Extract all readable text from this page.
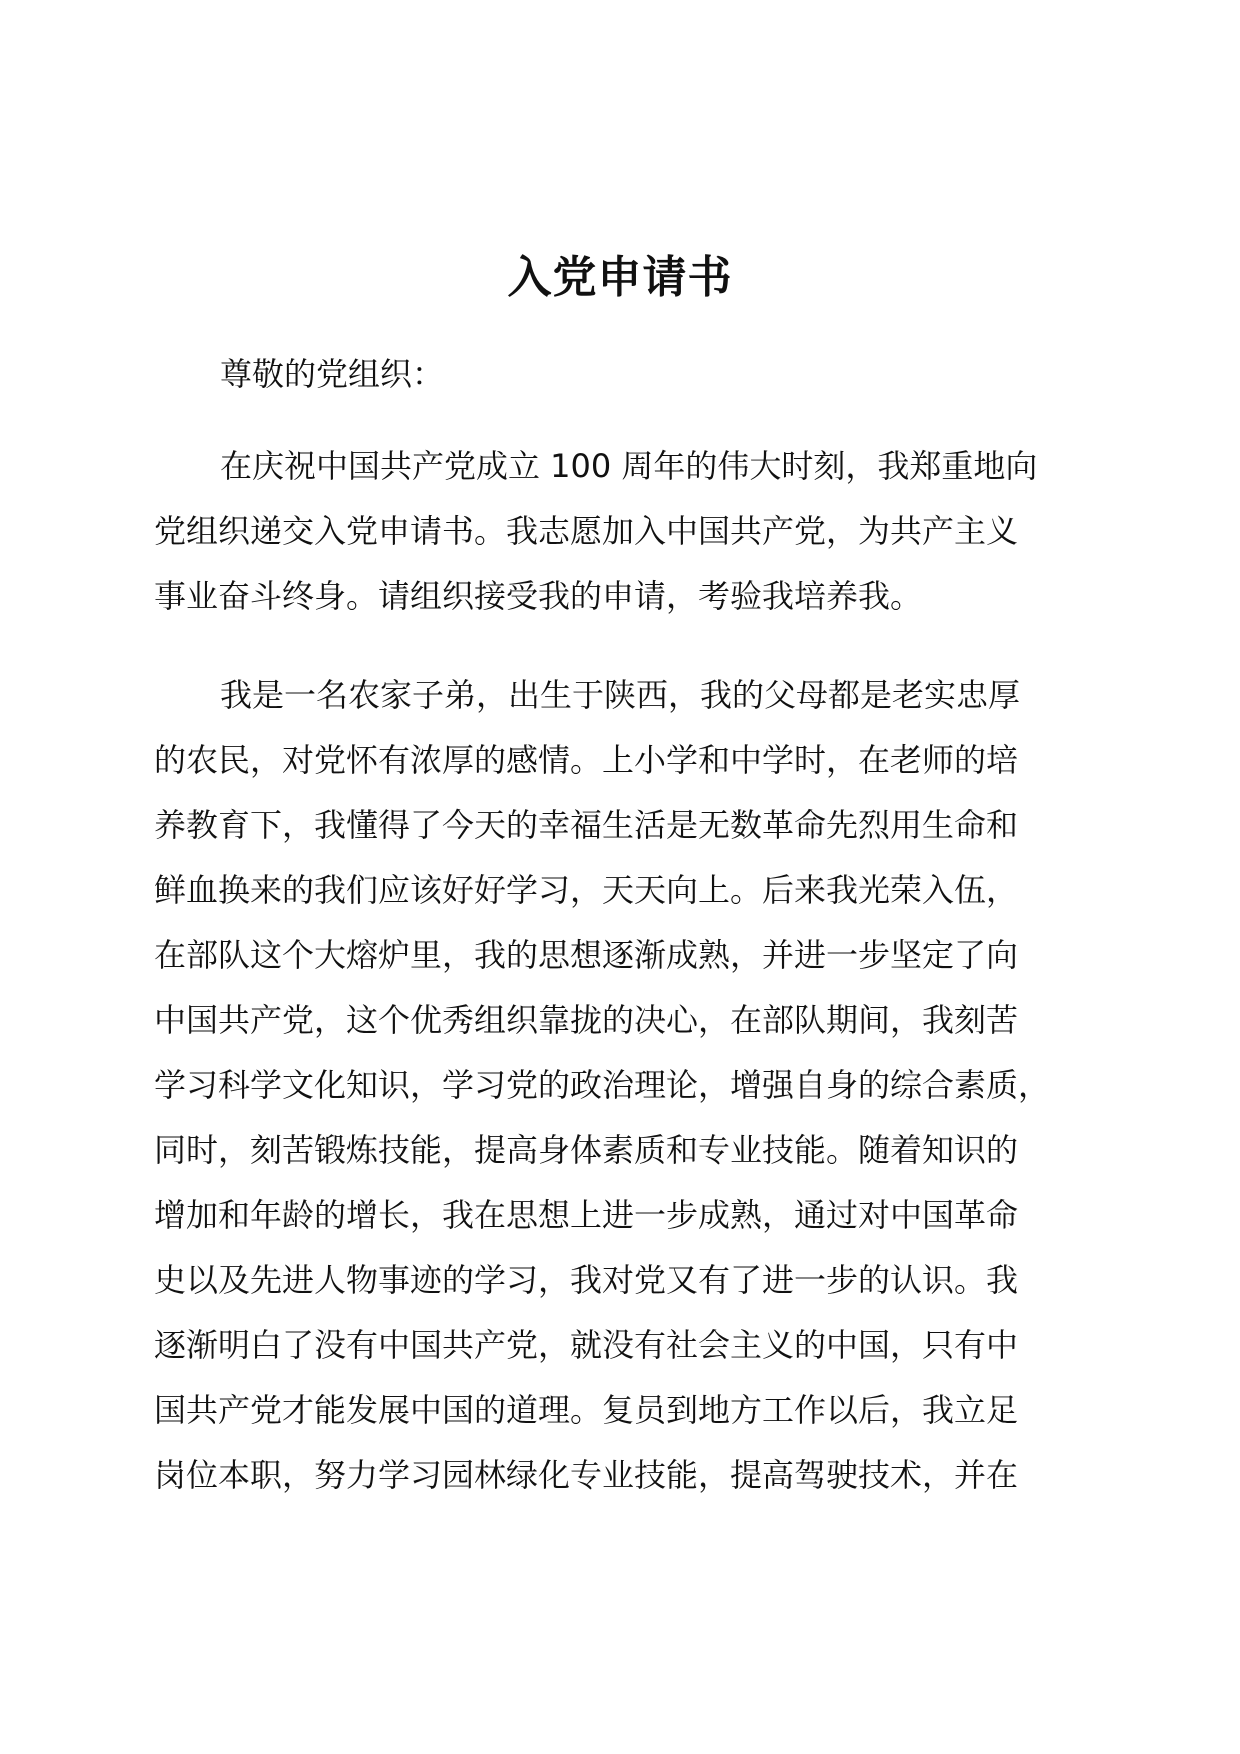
入党申请书
尊敬的党组织：
在庆祝中国共产党成立 100 周年的伟大时刻，我郑重地向
党组织递交入党申请书。我志愿加入中国共产党，为共产主义
事业奋斗终身。请组织接受我的申请，考验我培养我。
我是一名农家子弟，出生于陕西，我的父母都是老实忠厚
的农民，对党怀有浓厚的感情。上小学和中学时，在老师的培
养教育下，我懂得了今天的幸福生活是无数革命先烈用生命和
鲜血换来的我们应该好好学习，天天向上。后来我光荣入伍，
在部队这个大熔炉里，我的思想逐渐成熟，并进一步坚定了向
中国共产党，这个优秀组织靠拢的决心，在部队期间，我刻苦
学习科学文化知识，学习党的政治理论，增强自身的综合素质，
同时，刻苦锻炼技能，提高身体素质和专业技能。随着知识的
增加和年龄的增长，我在思想上进一步成熟，通过对中国革命
史以及先进人物事迹的学习，我对党又有了进一步的认识。我
逐渐明白了没有中国共产党，就没有社会主义的中国，只有中
国共产党才能发展中国的道理。复员到地方工作以后，我立足
岗位本职，努力学习园林绿化专业技能，提高驾驶技术，并在
